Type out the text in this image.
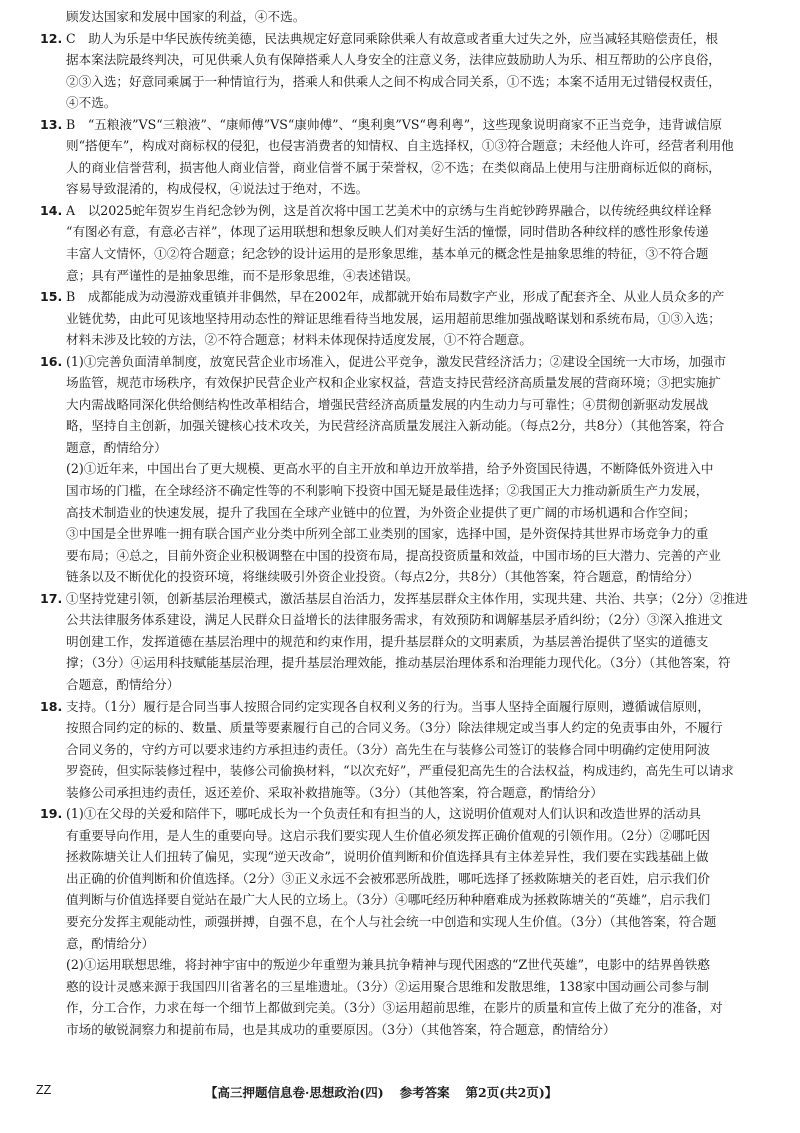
顾发达国家和发展中国家的利益，④不选。
12. C　助人为乐是中华民族传统美德，民法典规定好意同乘除供乘人有故意或者重大过失之外，应当减轻其赔偿责任，根
据本案法院最终判决，可见供乘人负有保障搭乘人人身安全的注意义务，法律应鼓励助人为乐、相互帮助的公序良俗，
②③入选；好意同乘属于一种情谊行为，搭乘人和供乘人之间不构成合同关系，①不选；本案不适用无过错侵权责任，
④不选。
13. B　“五粮液”VS“三粮液”、“康师傅”VS“康帅傅”、“奥利奥”VS“粤利粤”，这些现象说明商家不正当竞争，违背诚信原
则“搭便车”，构成对商标权的侵犯，也侵害消费者的知情权、自主选择权，①③符合题意；未经他人许可，经营者利用他
人的商业信誉营利，损害他人商业信誉，商业信誉不属于荣誉权，②不选；在类似商品上使用与注册商标近似的商标，
容易导致混淆的，构成侵权，④说法过于绝对，不选。
14. A　以2025蛇年贺岁生肖纪念钞为例，这是首次将中国工艺美术中的京绣与生肖蛇钞跨界融合，以传统经典纹样诠释
“有图必有意，有意必吉祥”，体现了运用联想和想象反映人们对美好生活的憧憬，同时借助各种纹样的感性形象传递
丰富人文情怀，①②符合题意；纪念钞的设计运用的是形象思维，基本单元的概念性是抽象思维的特征，③不符合题
意；具有严谨性的是抽象思维，而不是形象思维，④表述错误。
15. B　成都能成为动漫游戏重镇并非偶然，早在2002年，成都就开始布局数字产业，形成了配套齐全、从业人员众多的产
业链优势，由此可见该地坚持用动态性的辩证思维看待当地发展，运用超前思维加强战略谋划和系统布局，①③入选；
材料未涉及比较的方法，②不符合题意；材料未体现保持适度发展，①不符合题意。
16. (1)①完善负面清单制度，放宽民营企业市场准入，促进公平竞争，激发民营经济活力；②建设全国统一大市场，加强市
场监管，规范市场秩序，有效保护民营企业产权和企业家权益，营造支持民营经济高质量发展的营商环境；③把实施扩
大内需战略同深化供给侧结构性改革相结合，增强民营经济高质量发展的内生动力与可靠性；④贯彻创新驱动发展战
略，坚持自主创新，加强关键核心技术攻关，为民营经济高质量发展注入新动能。（每点2分，共8分）（其他答案，符合
题意，酌情给分）
(2)①近年来，中国出台了更大规模、更高水平的自主开放和单边开放举措，给予外资国民待遇，不断降低外资进入中
国市场的门槛，在全球经济不确定性等的不利影响下投资中国无疑是最佳选择；②我国正大力推动新质生产力发展，
高技术制造业的快速发展，提升了我国在全球产业链中的位置，为外资企业提供了更广阔的市场机遇和合作空间；
③中国是全世界唯一拥有联合国产业分类中所列全部工业类别的国家，选择中国，是外资保持其世界市场竞争力的重
要布局；④总之，目前外资企业积极调整在中国的投资布局，提高投资质量和效益，中国市场的巨大潜力、完善的产业
链条以及不断优化的投资环境，将继续吸引外资企业投资。（每点2分，共8分）（其他答案，符合题意，酌情给分）
17. ①坚持党建引领，创新基层治理模式，激活基层自治活力，发挥基层群众主体作用，实现共建、共治、共享；（2分）②推进
公共法律服务体系建设，满足人民群众日益增长的法律服务需求，有效预防和调解基层矛盾纠纷；（2分）③深入推进文
明创建工作，发挥道德在基层治理中的规范和约束作用，提升基层群众的文明素质，为基层善治提供了坚实的道德支
撑；（3分）④运用科技赋能基层治理，提升基层治理效能，推动基层治理体系和治理能力现代化。（3分）（其他答案，符
合题意，酌情给分）
18. 支持。（1分）履行是合同当事人按照合同约定实现各自权利义务的行为。当事人坚持全面履行原则，遵循诚信原则，
按照合同约定的标的、数量、质量等要素履行自己的合同义务。（3分）除法律规定或当事人约定的免责事由外，不履行
合同义务的，守约方可以要求违约方承担违约责任。（3分）高先生在与装修公司签订的装修合同中明确约定使用阿波
罗瓷砖，但实际装修过程中，装修公司偷换材料，“以次充好”，严重侵犯高先生的合法权益，构成违约，高先生可以请求
装修公司承担违约责任，返还差价、采取补救措施等。（3分）（其他答案，符合题意，酌情给分）
19. (1)①在父母的关爱和陪伴下，哪吒成长为一个负责任和有担当的人，这说明价值观对人们认识和改造世界的活动具
有重要导向作用，是人生的重要向导。这启示我们要实现人生价值必须发挥正确价值观的引领作用。（2分）②哪吒因
拯救陈塘关让人们扭转了偏见，实现“逆天改命”，说明价值判断和价值选择具有主体差异性，我们要在实践基础上做
出正确的价值判断和价值选择。（2分）③正义永远不会被邪恶所战胜，哪吒选择了拯救陈塘关的老百姓，启示我们价
值判断与价值选择要自觉站在最广大人民的立场上。（3分）④哪吒经历种种磨难成为拯救陈塘关的“英雄”，启示我们
要充分发挥主观能动性，顽强拼搏，自强不息，在个人与社会统一中创造和实现人生价值。（3分）（其他答案，符合题
意，酌情给分）
(2)①运用联想思维，将封神宇宙中的叛逆少年重塑为兼具抗争精神与现代困惑的“Z世代英雄”，电影中的结界兽铁憨
憨的设计灵感来源于我国四川省著名的三星堆遗址。（3分）②运用聚合思维和发散思维，138家中国动画公司参与制
作，分工合作，力求在每一个细节上都做到完美。（3分）③运用超前思维，在影片的质量和宣传上做了充分的准备，对
市场的敏锐洞察力和提前布局，也是其成功的重要原因。（3分）（其他答案，符合题意，酌情给分）
ZZ	【高三押题信息卷·思想政治(四) 参考答案 第2页(共2页)】
